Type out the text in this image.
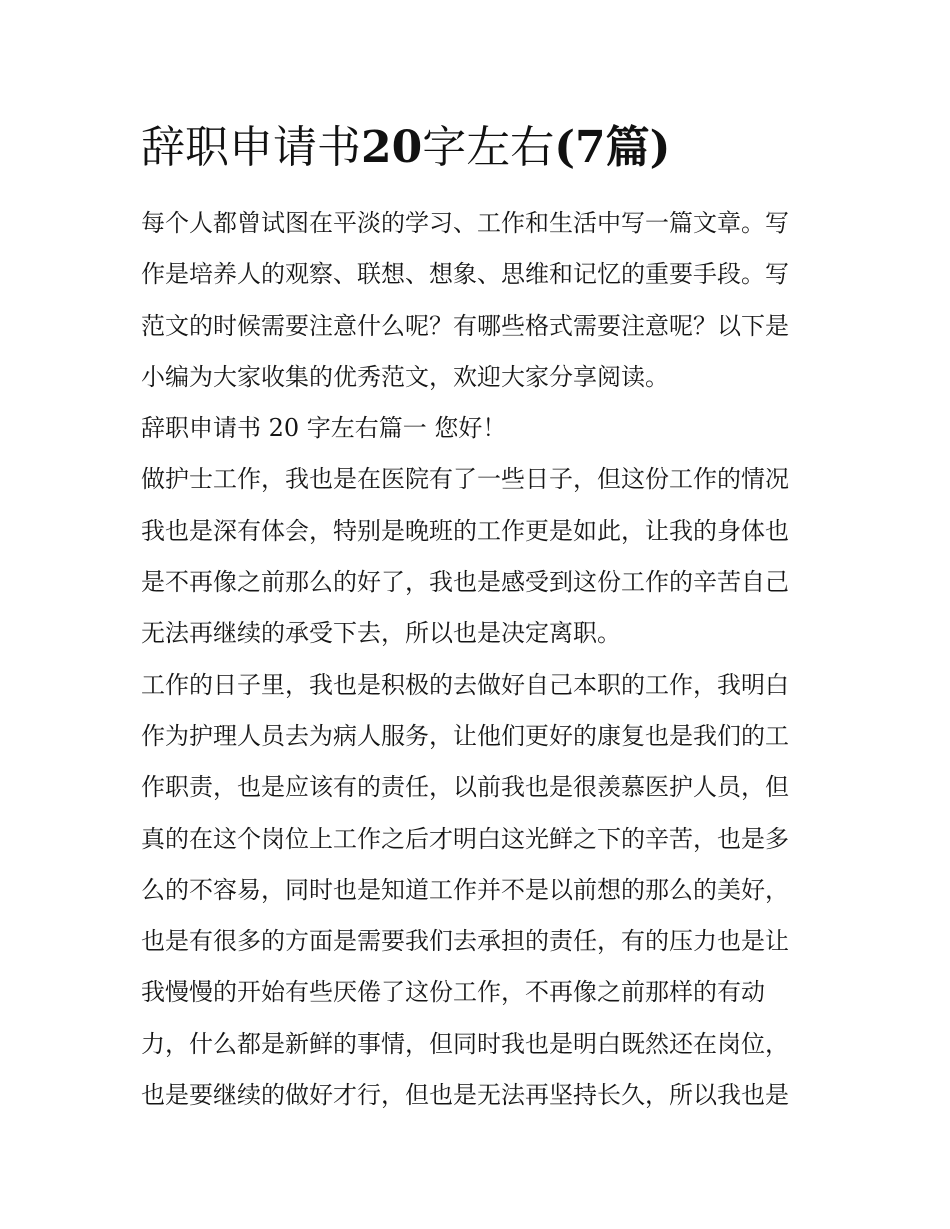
辞职申请书20字左右(7篇)
每个人都曾试图在平淡的学习、工作和生活中写一篇文章。写
作是培养人的观察、联想、想象、思维和记忆的重要手段。写
范文的时候需要注意什么呢？有哪些格式需要注意呢？以下是
小编为大家收集的优秀范文，欢迎大家分享阅读。
辞职申请书 20 字左右篇一 您好！
做护士工作，我也是在医院有了一些日子，但这份工作的情况
我也是深有体会，特别是晚班的工作更是如此，让我的身体也
是不再像之前那么的好了，我也是感受到这份工作的辛苦自己
无法再继续的承受下去，所以也是决定离职。
工作的日子里，我也是积极的去做好自己本职的工作，我明白
作为护理人员去为病人服务，让他们更好的康复也是我们的工
作职责，也是应该有的责任，以前我也是很羡慕医护人员，但
真的在这个岗位上工作之后才明白这光鲜之下的辛苦，也是多
么的不容易，同时也是知道工作并不是以前想的那么的美好，
也是有很多的方面是需要我们去承担的责任，有的压力也是让
我慢慢的开始有些厌倦了这份工作，不再像之前那样的有动
力，什么都是新鲜的事情，但同时我也是明白既然还在岗位，
也是要继续的做好才行，但也是无法再坚持长久，所以我也是
